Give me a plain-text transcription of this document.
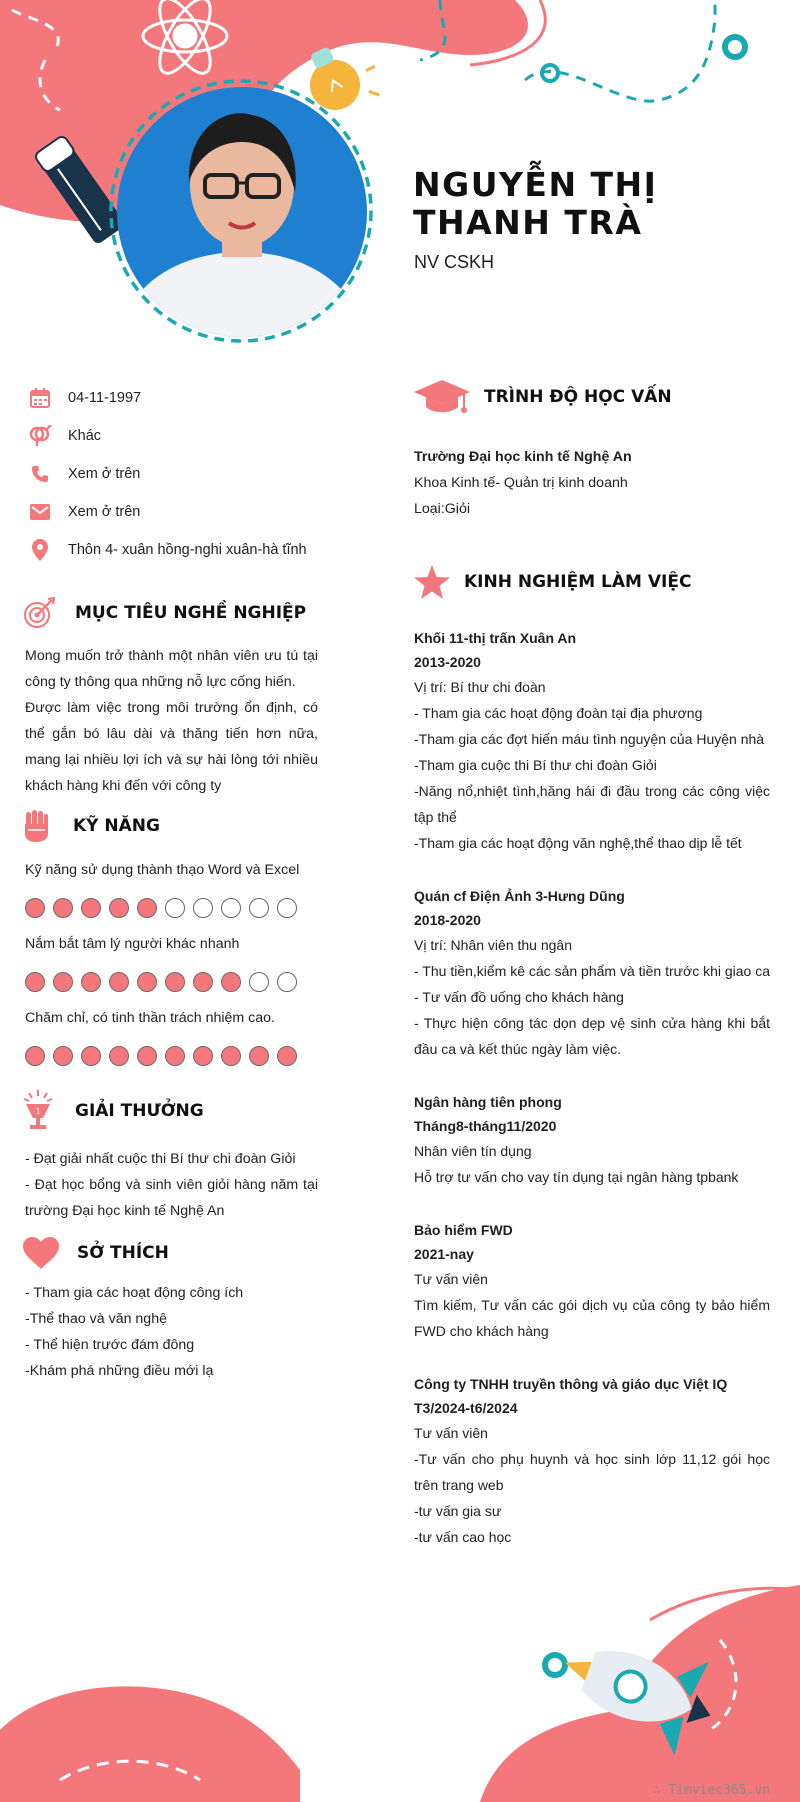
NGUYỄN THỊ THANH TRÀ
NV CSKH
04-11-1997
Khác
Xem ở trên
Xem ở trên
Thôn 4- xuân hồng-nghi xuân-hà tĩnh
MỤC TIÊU NGHỀ NGHIỆP

Mong muốn trở thành một nhân viên ưu tú tại công ty thông qua những nỗ lực cống hiến.

Được làm việc trong môi trường ổn định, có thể gắn bó lâu dài và thăng tiến hơn nữa, mang lại nhiều lợi ích và sự hài lòng tới nhiều khách hàng khi đến với công ty

KỸ NĂNG
Kỹ năng sử dụng thành thạo Word và Excel
Nắm bắt tâm lý người khác nhanh
Chăm chỉ, có tinh thần trách nhiệm cao.
1 GIẢI THƯỞNG

- Đạt giải nhất cuộc thi Bí thư chi đoàn Giỏi

- Đạt học bổng và sinh viên giỏi hàng năm tại trường Đại học kinh tế Nghệ An

SỞ THÍCH

- Tham gia các hoạt động công ích

-Thể thao và văn nghệ

- Thể hiện trước đám đông

-Khám phá những điều mới lạ

TRÌNH ĐỘ HỌC VẤN
Trường Đại học kinh tế Nghệ An
Khoa Kinh tế- Quản trị kinh doanh
Loại:Giỏi
KINH NGHIỆM LÀM VIỆC
Khối 11-thị trấn Xuân An
2013-2020
Vị trí: Bí thư chi đoàn
- Tham gia các hoạt động đoàn tại địa phương
-Tham gia các đợt hiến máu tình nguyện của Huyện nhà
-Tham gia cuộc thi Bí thư chi đoàn Giỏi
-Năng nổ,nhiệt tình,hăng hái đi đầu trong các công việc tập thể
-Tham gia các hoạt động văn nghệ,thể thao dịp lễ tết
Quán cf Điện Ảnh 3-Hưng Dũng
2018-2020
Vị trí: Nhân viên thu ngân
- Thu tiền,kiểm kê các sản phẩm và tiền trước khi giao ca
- Tư vấn đồ uống cho khách hàng
- Thực hiện công tác dọn dẹp vệ sinh cửa hàng khi bắt đầu ca và kết thúc ngày làm việc.
Ngân hàng tiên phong
Tháng8-tháng11/2020
Nhân viên tín dụng
Hỗ trợ tư vấn cho vay tín dụng tại ngân hàng tpbank
Bảo hiểm FWD
2021-nay
Tư vấn viên
Tìm kiếm, Tư vấn các gói dịch vụ của công ty bảo hiểm FWD cho khách hàng
Công ty TNHH truyền thông và giáo dục Việt IQ
T3/2024-t6/2024
Tư vấn viên
-Tư vấn cho phụ huynh và học sinh lớp 11,12 gói học trên trang web
-tư vấn gia sư
-tư vấn cao học
∴ Timviec365.vn
